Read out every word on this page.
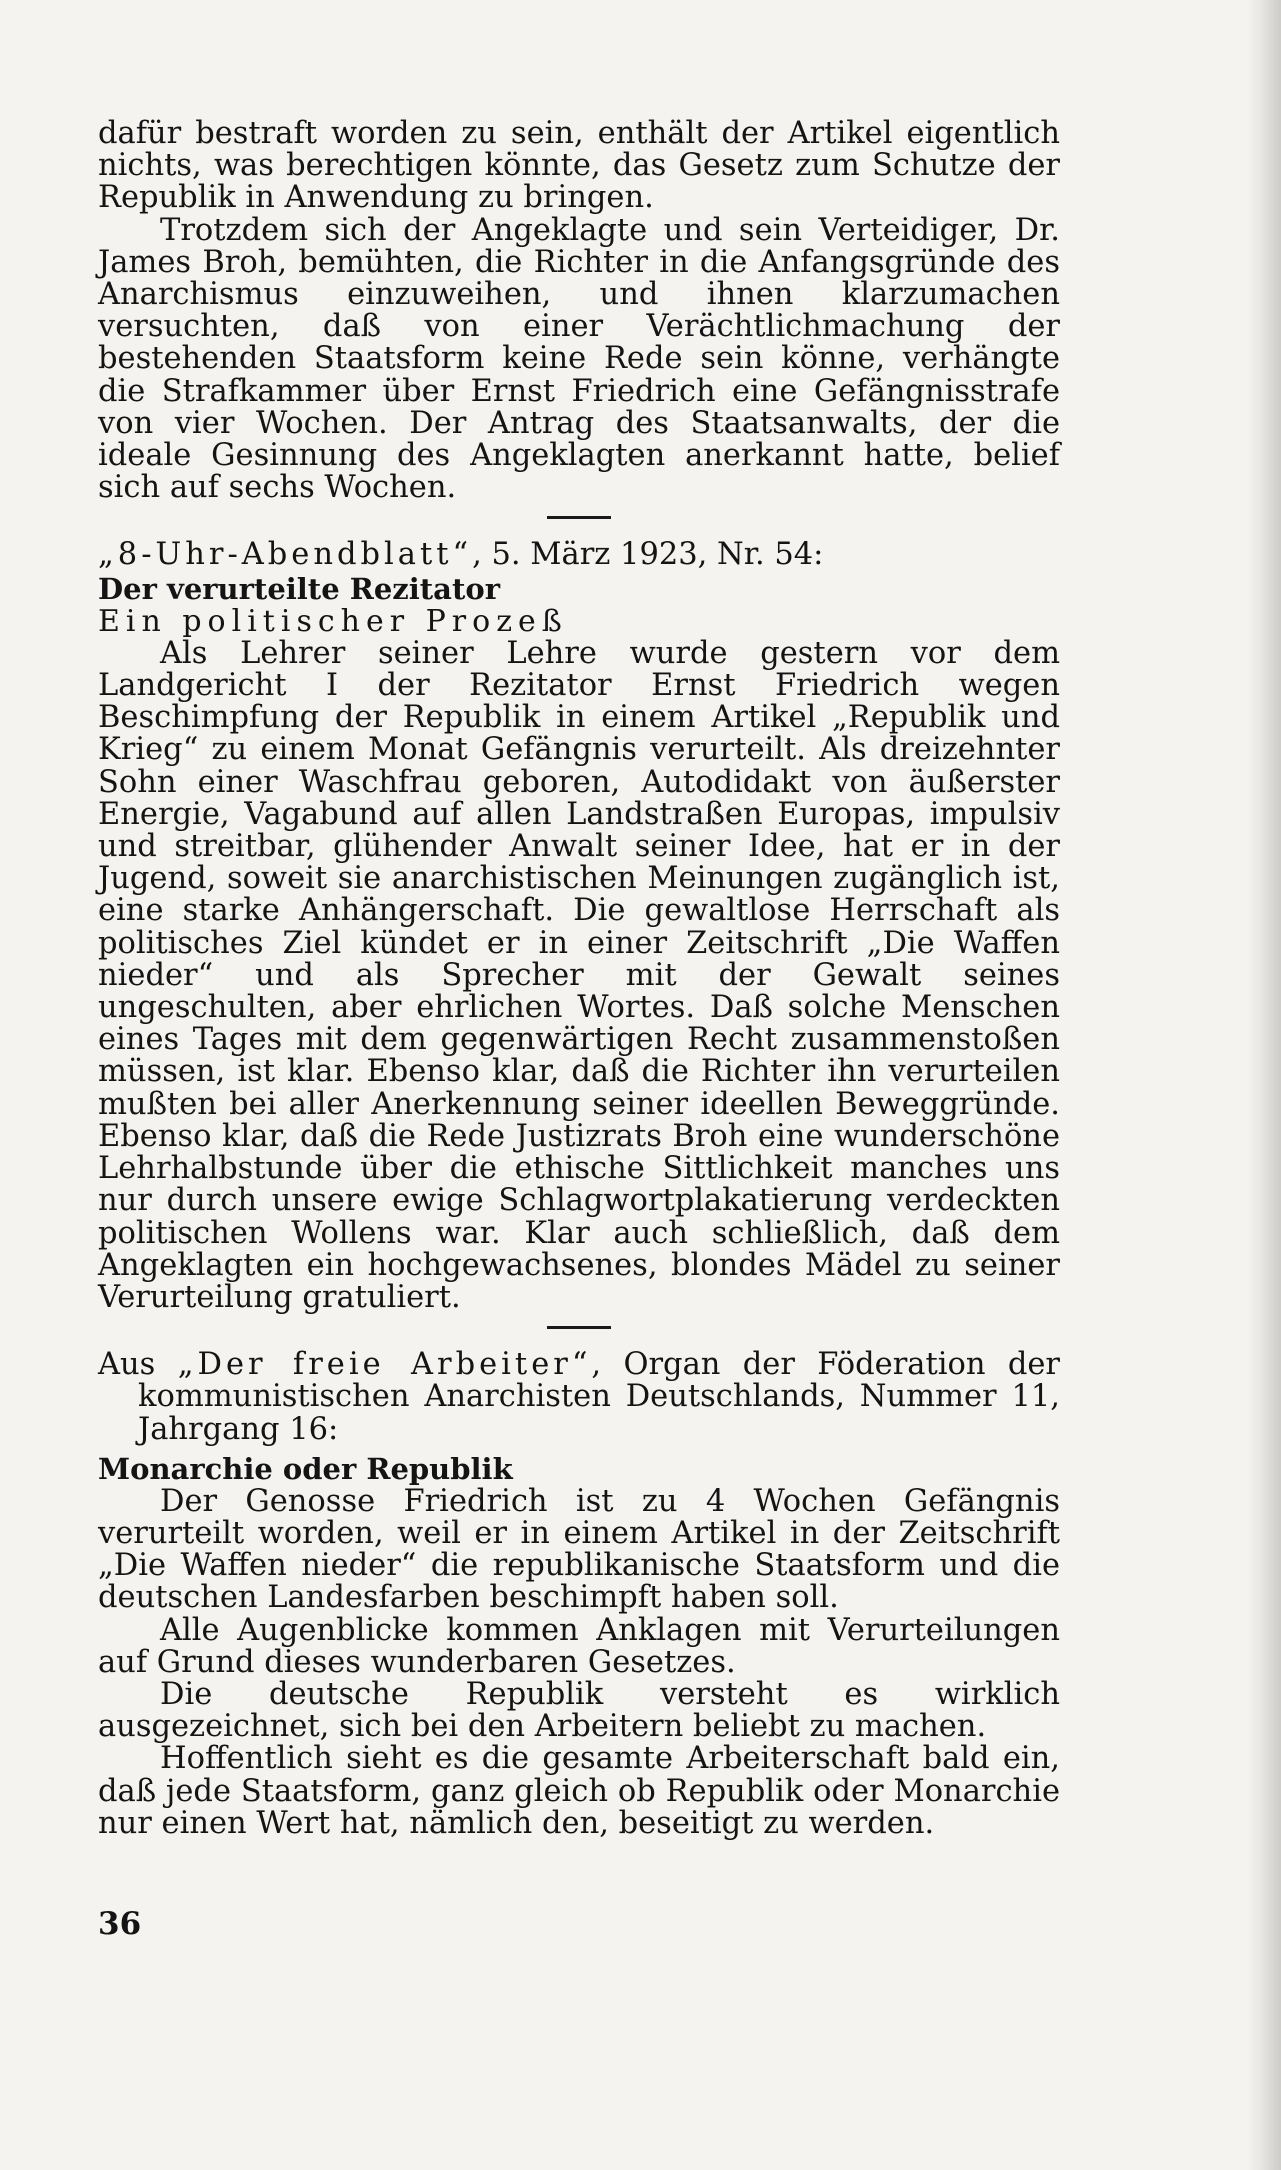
dafür bestraft worden zu sein, enthält der Artikel eigentlich nichts, was berechtigen könnte, das Gesetz zum Schutze der Republik in Anwendung zu bringen.

Trotzdem sich der Angeklagte und sein Verteidiger, Dr. James Broh, bemühten, die Richter in die Anfangsgründe des Anarchismus einzuweihen, und ihnen klarzumachen versuchten, daß von einer Verächtlichmachung der bestehenden Staatsform keine Rede sein könne, verhängte die Strafkammer über Ernst Friedrich eine Gefängnisstrafe von vier Wochen. Der Antrag des Staatsanwalts, der die ideale Gesinnung des Angeklagten anerkannt hatte, belief sich auf sechs Wochen.

„8-Uhr-Abendblatt“, 5. März 1923, Nr. 54:

Der verurteilte Rezitator

Ein politischer Prozeß

Als Lehrer seiner Lehre wurde gestern vor dem Landgericht I der Rezitator Ernst Friedrich wegen Beschimpfung der Republik in einem Artikel „Republik und Krieg“ zu einem Monat Gefängnis verurteilt. Als dreizehnter Sohn einer Waschfrau geboren, Autodidakt von äußerster Energie, Vagabund auf allen Landstraßen Europas, impulsiv und streitbar, glühender Anwalt seiner Idee, hat er in der Jugend, soweit sie anarchistischen Meinungen zugänglich ist, eine starke Anhängerschaft. Die gewaltlose Herrschaft als politisches Ziel kündet er in einer Zeitschrift „Die Waffen nieder“ und als Sprecher mit der Gewalt seines ungeschulten, aber ehrlichen Wortes. Daß solche Menschen eines Tages mit dem gegenwärtigen Recht zusammenstoßen müssen, ist klar. Ebenso klar, daß die Richter ihn verurteilen mußten bei aller Anerkennung seiner ideellen Beweggründe. Ebenso klar, daß die Rede Justizrats Broh eine wunderschöne Lehrhalbstunde über die ethische Sittlichkeit manches uns nur durch unsere ewige Schlagwortplakatierung verdeckten politischen Wollens war. Klar auch schließlich, daß dem Angeklagten ein hochgewachsenes, blondes Mädel zu seiner Verurteilung gratuliert.

Aus „Der freie Arbeiter“, Organ der Föderation der kommunistischen Anarchisten Deutschlands, Nummer 11, Jahrgang 16:

Monarchie oder Republik

Der Genosse Friedrich ist zu 4 Wochen Gefängnis verurteilt worden, weil er in einem Artikel in der Zeitschrift „Die Waffen nieder“ die republikanische Staatsform und die deutschen Landesfarben beschimpft haben soll.

Alle Augenblicke kommen Anklagen mit Verurteilungen auf Grund dieses wunderbaren Gesetzes.

Die deutsche Republik versteht es wirklich ausgezeichnet, sich bei den Arbeitern beliebt zu machen.

Hoffentlich sieht es die gesamte Arbeiterschaft bald ein, daß jede Staatsform, ganz gleich ob Republik oder Monarchie nur einen Wert hat, nämlich den, beseitigt zu werden.

36
